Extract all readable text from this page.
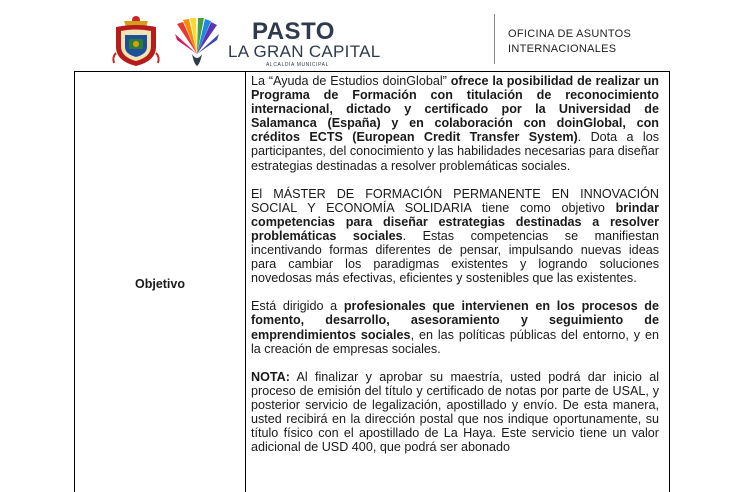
PASTO
LA GRAN CAPITAL
ALCALDÍA MUNICIPAL
OFICINA DE ASUNTOS
INTERNACIONALES
Objetivo

La “Ayuda de Estudios doinGlobal” ofrece la posibilidad de realizar un Programa de Formación con titulación de reconocimiento internacional, dictado y certificado por la Universidad de Salamanca (España) y en colaboración con doinGlobal, con créditos ECTS (European Credit Transfer System). Dota a los participantes, del conocimiento y las habilidades necesarias para diseñar estrategias destinadas a resolver problemáticas sociales.

El MÁSTER DE FORMACIÓN PERMANENTE EN INNOVACIÓN SOCIAL Y ECONOMÍA SOLIDARIA tiene como objetivo brindar competencias para diseñar estrategias destinadas a resolver problemáticas sociales. Estas competencias se manifiestan incentivando formas diferentes de pensar, impulsando nuevas ideas para cambiar los paradigmas existentes y logrando soluciones novedosas más efectivas, eficientes y sostenibles que las existentes.

Está dirigido a profesionales que intervienen en los procesos de fomento, desarrollo, asesoramiento y seguimiento de emprendimientos sociales, en las políticas públicas del entorno, y en la creación de empresas sociales.

NOTA: Al finalizar y aprobar su maestría, usted podrá dar inicio al proceso de emisión del título y certificado de notas por parte de USAL, y posterior servicio de legalización, apostillado y envío. De esta manera, usted recibirá en la dirección postal que nos indique oportunamente, su título físico con el apostillado de La Haya. Este servicio tiene un valor adicional de USD 400, que podrá ser abonado
